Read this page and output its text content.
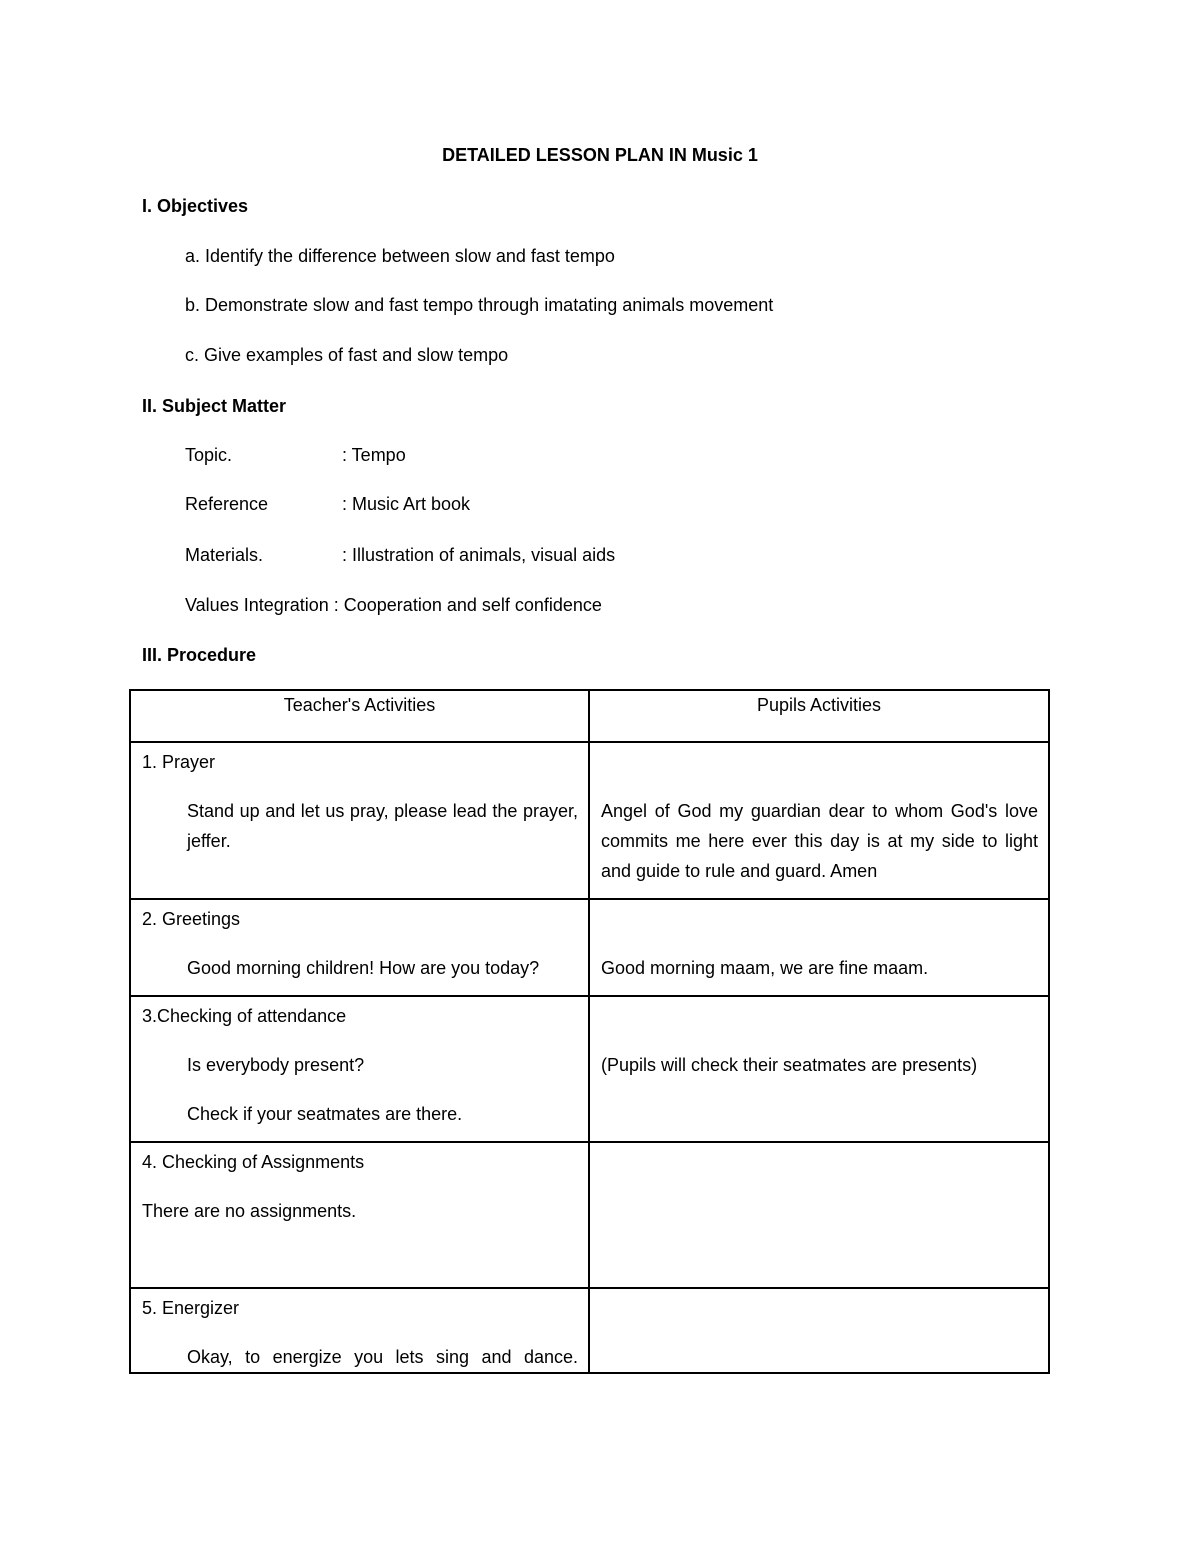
DETAILED LESSON PLAN IN Music 1
I. Objectives
a. Identify the difference between slow and fast tempo
b. Demonstrate slow and fast tempo through imatating animals movement
c. Give examples of fast and slow tempo
II. Subject Matter
Topic.	: Tempo
Reference	: Music Art book
Materials.	: Illustration of animals, visual aids
Values Integration : Cooperation and self confidence
III. Procedure
Teacher's Activities	Pupils Activities

1. Prayer
Stand up and let us pray, please lead the prayer, jeffer.	Angel of God my guardian dear to whom God's love commits me here ever this day is at my side to light and guide to rule and guard. Amen

2. Greetings
Good morning children! How are you today?	Good morning maam, we are fine maam.

3.Checking of attendance
Is everybody present?
Check if your seatmates are there.	(Pupils will check their seatmates are presents)

4. Checking of Assignments
There are no assignments.	

5. Energizer
Okay, to energize you lets sing and dance.	
